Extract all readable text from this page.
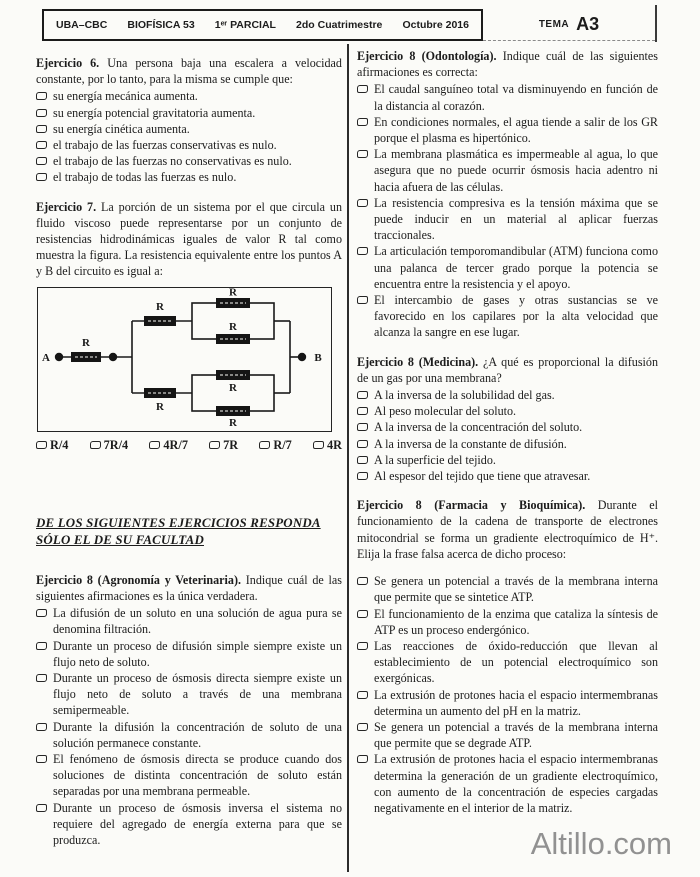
UBA–CBC BIOFÍSICA 53 1ᵉʳ PARCIAL 2do Cuatrimestre Octubre 2016	TEMA A3
Ejercicio 6. Una persona baja una escalera a velocidad constante, por lo tanto, para la misma se cumple que:
su energía mecánica aumenta.
su energía potencial gravitatoria aumenta.
su energía cinética aumenta.
el trabajo de las fuerzas conservativas es nulo.
el trabajo de las fuerzas no conservativas es nulo.
el trabajo de todas las fuerzas es nulo.
Ejercicio 7. La porción de un sistema por el que circula un fluido viscoso puede representarse por un conjunto de resistencias hidrodinámicas iguales de valor R tal como muestra la figura. La resistencia equivalente entre los puntos A y B del circuito es igual a:
A	B
R
R
R
R
R
R
R
R/4	7R/4	4R/7	7R	R/7	4R
DE LOS SIGUIENTES EJERCICIOS RESPONDA
SÓLO EL DE SU FACULTAD
Ejercicio 8 (Agronomía y Veterinaria). Indique cuál de las siguientes afirmaciones es la única verdadera.
La difusión de un soluto en una solución de agua pura se denomina filtración.
Durante un proceso de difusión simple siempre existe un flujo neto de soluto.
Durante un proceso de ósmosis directa siempre existe un flujo neto de soluto a través de una membrana semipermeable.
Durante la difusión la concentración de soluto de una solución permanece constante.
El fenómeno de ósmosis directa se produce cuando dos soluciones de distinta concentración de soluto están separadas por una membrana permeable.
Durante un proceso de ósmosis inversa el sistema no requiere del agregado de energía externa para que se produzca.
Ejercicio 8 (Odontología). Indique cuál de las siguientes afirmaciones es correcta:
El caudal sanguíneo total va disminuyendo en función de la distancia al corazón.
En condiciones normales, el agua tiende a salir de los GR porque el plasma es hipertónico.
La membrana plasmática es impermeable al agua, lo que asegura que no puede ocurrir ósmosis hacia adentro ni hacia afuera de las células.
La resistencia compresiva es la tensión máxima que se puede inducir en un material al aplicar fuerzas traccionales.
La articulación temporomandibular (ATM) funciona como una palanca de tercer grado porque la potencia se encuentra entre la resistencia y el apoyo.
El intercambio de gases y otras sustancias se ve favorecido en los capilares por la alta velocidad que alcanza la sangre en ese lugar.
Ejercicio 8 (Medicina). ¿A qué es proporcional la difusión de un gas por una membrana?
A la inversa de la solubilidad del gas.
Al peso molecular del soluto.
A la inversa de la concentración del soluto.
A la inversa de la constante de difusión.
A la superficie del tejido.
Al espesor del tejido que tiene que atravesar.
Ejercicio 8 (Farmacia y Bioquímica). Durante el funcionamiento de la cadena de transporte de electrones mitocondrial se forma un gradiente electroquímico de H⁺. Elija la frase falsa acerca de dicho proceso:
Se genera un potencial a través de la membrana interna que permite que se sintetice ATP.
El funcionamiento de la enzima que cataliza la síntesis de ATP es un proceso endergónico.
Las reacciones de óxido-reducción que llevan al establecimiento de un potencial electroquímico son exergónicas.
La extrusión de protones hacia el espacio intermembranas determina un aumento del pH en la matriz.
Se genera un potencial a través de la membrana interna que permite que se degrade ATP.
La extrusión de protones hacia el espacio intermembranas determina la generación de un gradiente electroquímico, con aumento de la concentración de especies cargadas negativamente en el interior de la matriz.
Altillo.com
